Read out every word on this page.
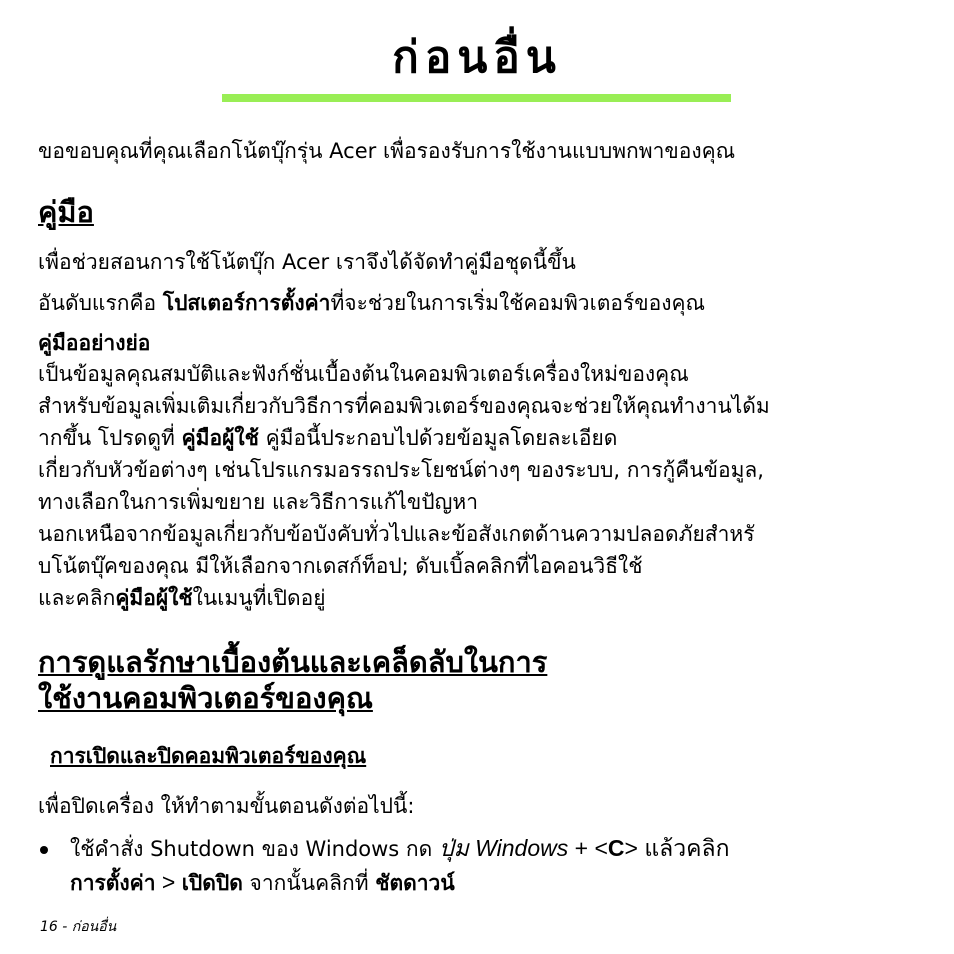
ก่อนอื่น
ขอขอบคุณที่คุณเลือกโน้ตบุ๊กรุ่น Acer เพื่อรองรับการใช้งานแบบพกพาของคุณ
คู่มือ
เพื่อช่วยสอนการใช้โน้ตบุ๊ก Acer เราจึงได้จัดทำคู่มือชุดนี้ขึ้น
อันดับแรกคือ โปสเตอร์การตั้งค่าที่จะช่วยในการเริ่มใช้คอมพิวเตอร์ของคุณ
คู่มืออย่างย่อ
เป็นข้อมูลคุณสมบัติและฟังก์ชั่นเบื้องต้นในคอมพิวเตอร์เครื่องใหม่ของคุณ
สำหรับข้อมูลเพิ่มเติมเกี่ยวกับวิธีการที่คอมพิวเตอร์ของคุณจะช่วยให้คุณทำงานได้ม
ากขึ้น โปรดดูที่ คู่มือผู้ใช้ คู่มือนี้ประกอบไปด้วยข้อมูลโดยละเอียด
เกี่ยวกับหัวข้อต่างๆ เช่นโปรแกรมอรรถประโยชน์ต่างๆ ของระบบ, การกู้คืนข้อมูล,
ทางเลือกในการเพิ่มขยาย และวิธีการแก้ไขปัญหา
นอกเหนือจากข้อมูลเกี่ยวกับข้อบังคับทั่วไปและข้อสังเกตด้านความปลอดภัยสำหรั
บโน้ตบุ๊คของคุณ มีให้เลือกจากเดสก์ท็อป; ดับเบิ้ลคลิกที่ไอคอนวิธีใช้
และคลิกคู่มือผู้ใช้ในเมนูที่เปิดอยู่
การดูแลรักษาเบื้องต้นและเคล็ดลับในการ
ใช้งานคอมพิวเตอร์ของคุณ
การเปิดและปิดคอมพิวเตอร์ของคุณ
เพื่อปิดเครื่อง ให้ทำตามขั้นตอนดังต่อไปนี้:
ใช้คำสั่ง Shutdown ของ Windows กด ปุ่ม Windows + <C> แล้วคลิก
การตั้งค่า > เปิดปิด จากนั้นคลิกที่ ชัตดาวน์
16 - ก่อนอื่น
